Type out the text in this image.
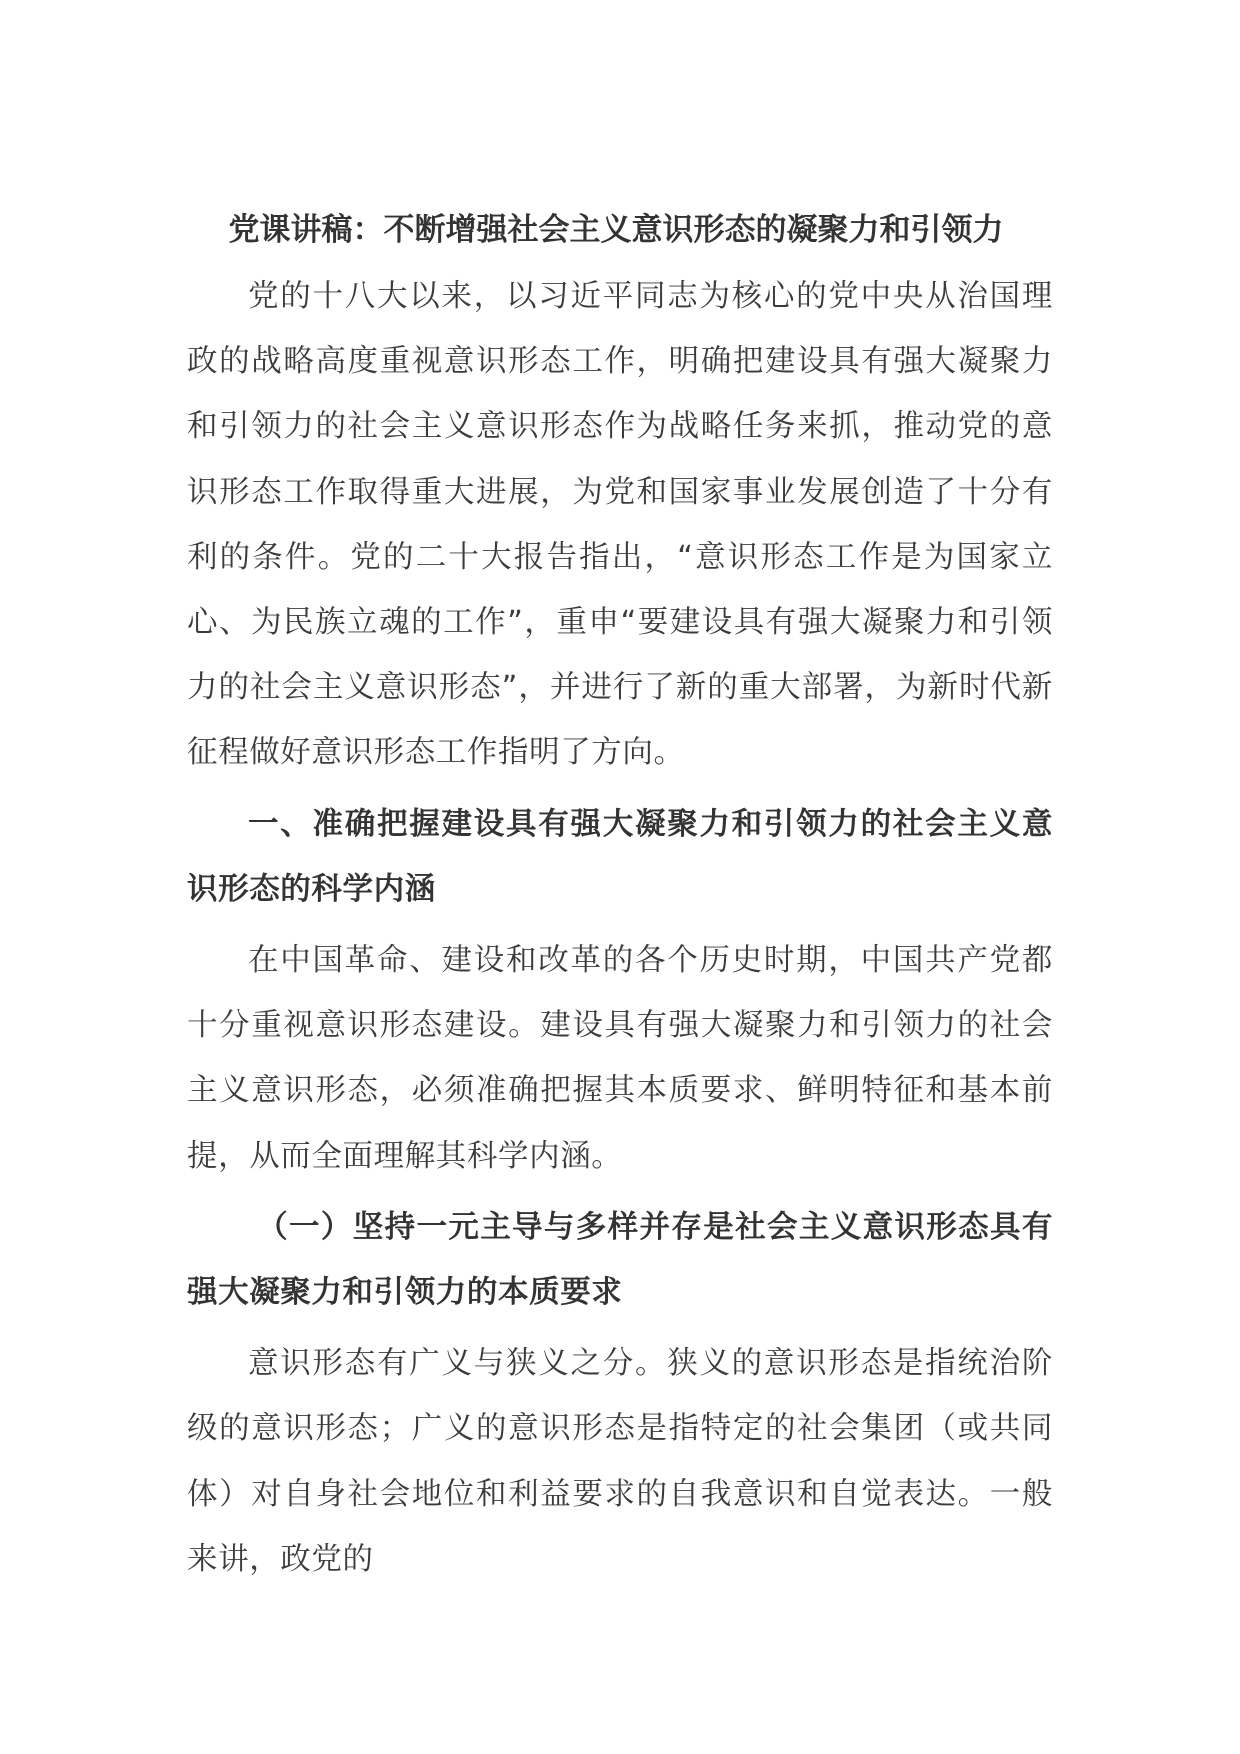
党课讲稿：不断增强社会主义意识形态的凝聚力和引领力

党的十八大以来，以习近平同志为核心的党中央从治国理政的战略高度重视意识形态工作，明确把建设具有强大凝聚力和引领力的社会主义意识形态作为战略任务来抓，推动党的意识形态工作取得重大进展，为党和国家事业发展创造了十分有利的条件。党的二十大报告指出，“意识形态工作是为国家立心、为民族立魂的工作”，重申“要建设具有强大凝聚力和引领力的社会主义意识形态”，并进行了新的重大部署，为新时代新征程做好意识形态工作指明了方向。

一、准确把握建设具有强大凝聚力和引领力的社会主义意识形态的科学内涵

在中国革命、建设和改革的各个历史时期，中国共产党都十分重视意识形态建设。建设具有强大凝聚力和引领力的社会主义意识形态，必须准确把握其本质要求、鲜明特征和基本前提，从而全面理解其科学内涵。

（一）坚持一元主导与多样并存是社会主义意识形态具有强大凝聚力和引领力的本质要求

意识形态有广义与狭义之分。狭义的意识形态是指统治阶级的意识形态；广义的意识形态是指特定的社会集团（或共同体）对自身社会地位和利益要求的自我意识和自觉表达。一般来讲，政党的
